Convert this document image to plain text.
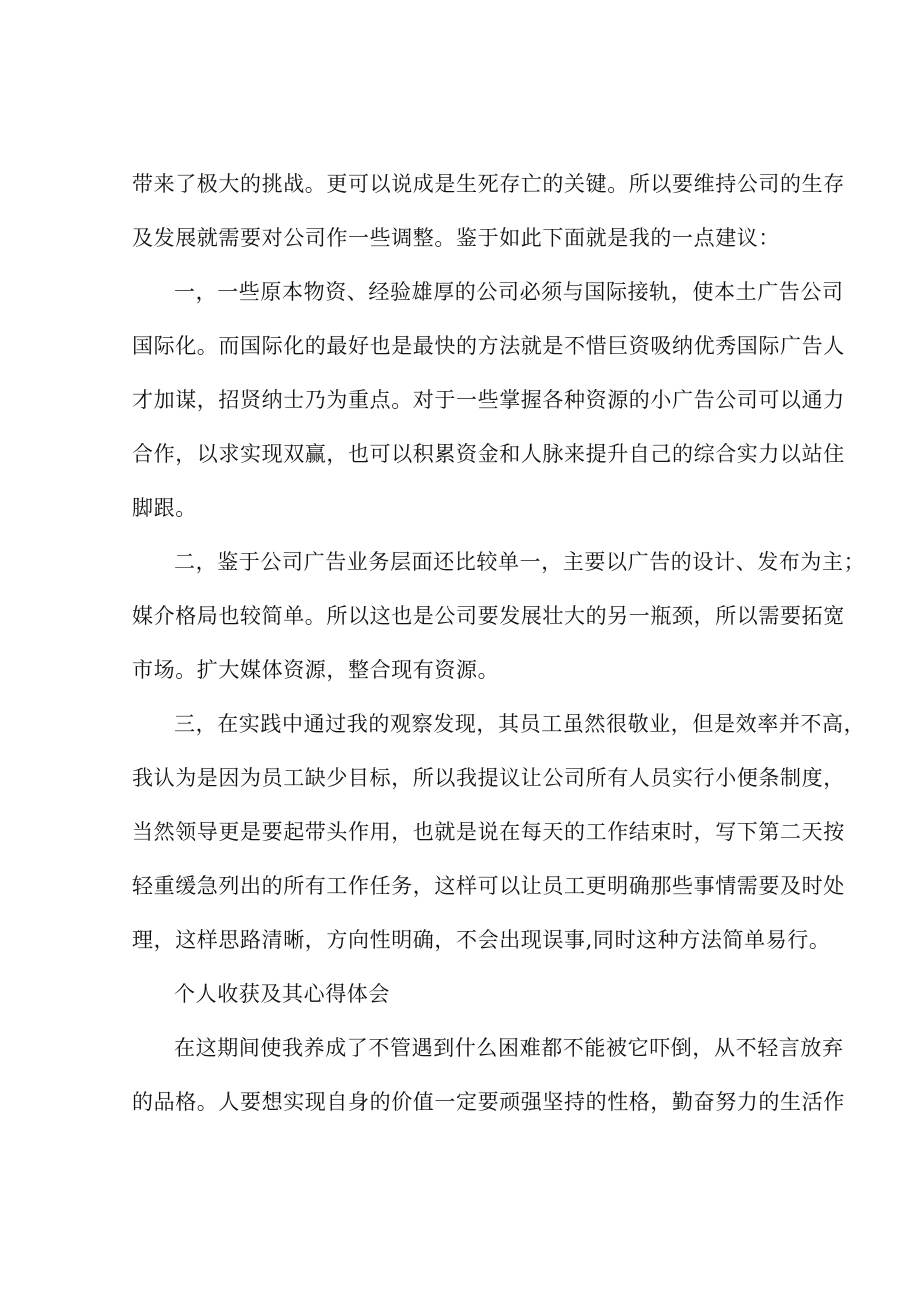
带来了极大的挑战。更可以说成是生死存亡的关键。所以要维持公司的生存
及发展就需要对公司作一些调整。鉴于如此下面就是我的一点建议：
一，一些原本物资、经验雄厚的公司必须与国际接轨，使本土广告公司
国际化。而国际化的最好也是最快的方法就是不惜巨资吸纳优秀国际广告人
才加谋，招贤纳士乃为重点。对于一些掌握各种资源的小广告公司可以通力
合作，以求实现双赢，也可以积累资金和人脉来提升自己的综合实力以站住
脚跟。
二，鉴于公司广告业务层面还比较单一，主要以广告的设计、发布为主；
媒介格局也较简单。所以这也是公司要发展壮大的另一瓶颈，所以需要拓宽
市场。扩大媒体资源，整合现有资源。
三，在实践中通过我的观察发现，其员工虽然很敬业，但是效率并不高，
我认为是因为员工缺少目标，所以我提议让公司所有人员实行小便条制度，
当然领导更是要起带头作用，也就是说在每天的工作结束时，写下第二天按
轻重缓急列出的所有工作任务，这样可以让员工更明确那些事情需要及时处
理，这样思路清晰，方向性明确，不会出现误事,同时这种方法简单易行。
个人收获及其心得体会
在这期间使我养成了不管遇到什么困难都不能被它吓倒，从不轻言放弃
的品格。人要想实现自身的价值一定要顽强坚持的性格，勤奋努力的生活作
